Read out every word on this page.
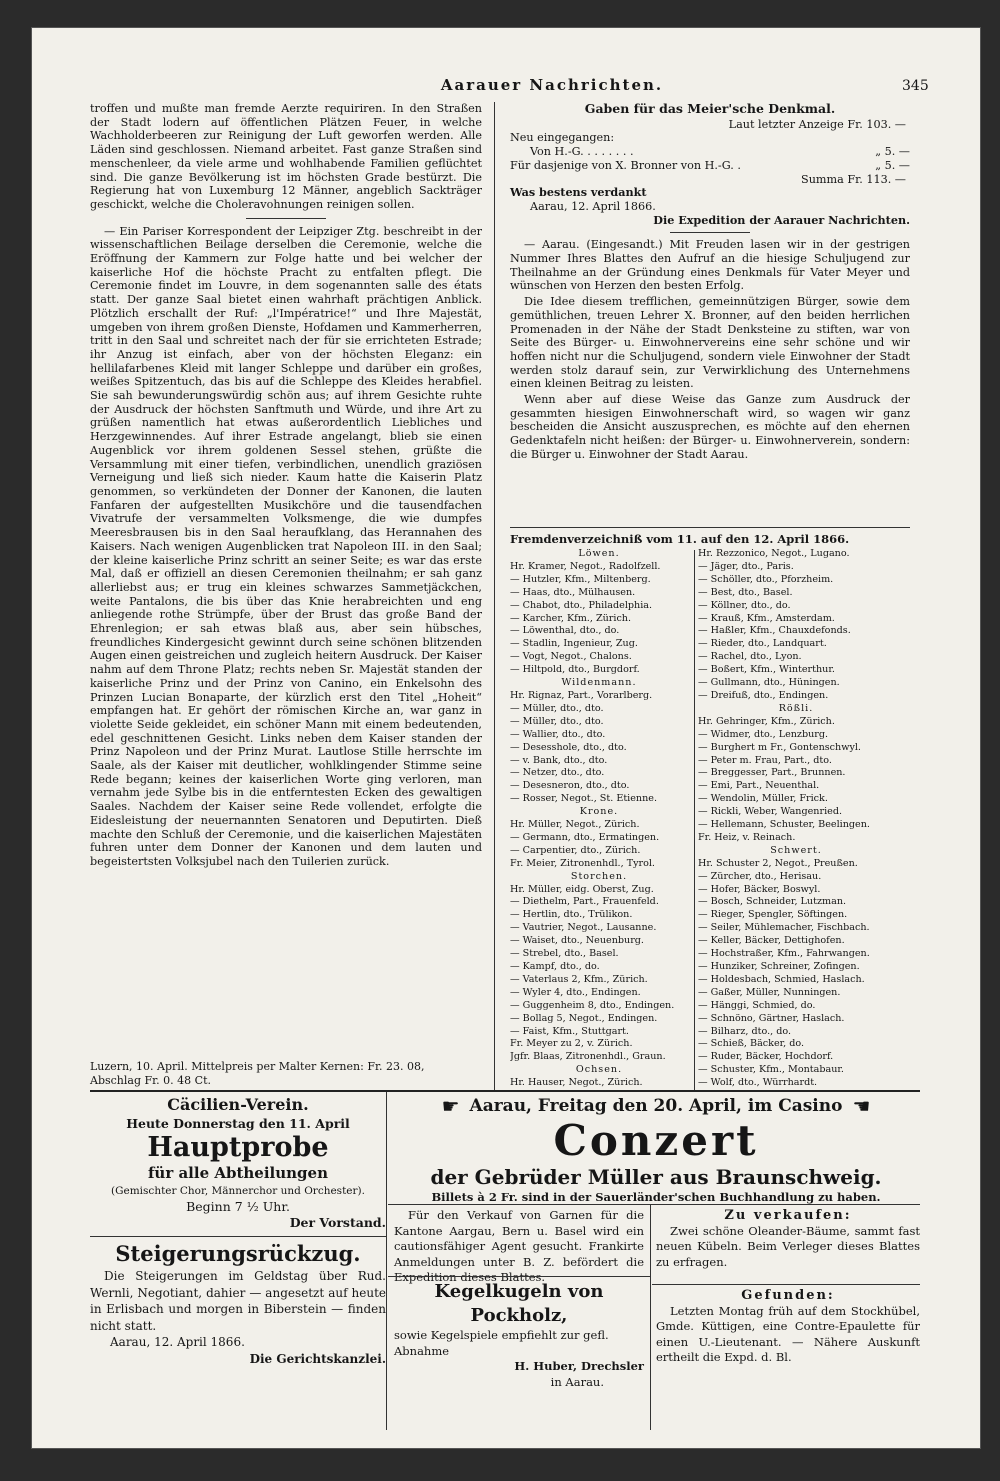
Aarauer Nachrichten.	345

troffen und mußte man fremde Aerzte requiriren. In den Straßen der Stadt lodern auf öffentlichen Plätzen Feuer, in welche Wachholderbeeren zur Reinigung der Luft geworfen werden. Alle Läden sind geschlossen. Niemand arbeitet. Fast ganze Straßen sind menschenleer, da viele arme und wohlhabende Familien geflüchtet sind. Die ganze Bevölkerung ist im höchsten Grade bestürzt. Die Regierung hat von Luxemburg 12 Männer, angeblich Sackträger geschickt, welche die Choleravohnungen reinigen sollen.

— Ein Pariser Korrespondent der Leipziger Ztg. beschreibt in der wissenschaftlichen Beilage derselben die Ceremonie, welche die Eröffnung der Kammern zur Folge hatte und bei welcher der kaiserliche Hof die höchste Pracht zu entfalten pflegt. Die Ceremonie findet im Louvre, in dem sogenannten salle des états statt. Der ganze Saal bietet einen wahrhaft prächtigen Anblick. Plötzlich erschallt der Ruf: „l'Impératrice!“ und Ihre Majestät, umgeben von ihrem großen Dienste, Hofdamen und Kammerherren, tritt in den Saal und schreitet nach der für sie errichteten Estrade; ihr Anzug ist einfach, aber von der höchsten Eleganz: ein hellilafarbenes Kleid mit langer Schleppe und darüber ein großes, weißes Spitzentuch, das bis auf die Schleppe des Kleides herabfiel. Sie sah bewunderungswürdig schön aus; auf ihrem Gesichte ruhte der Ausdruck der höchsten Sanftmuth und Würde, und ihre Art zu grüßen namentlich hat etwas außerordentlich Liebliches und Herzgewinnendes. Auf ihrer Estrade angelangt, blieb sie einen Augenblick vor ihrem goldenen Sessel stehen, grüßte die Versammlung mit einer tiefen, verbindlichen, unendlich graziösen Verneigung und ließ sich nieder. Kaum hatte die Kaiserin Platz genommen, so verkündeten der Donner der Kanonen, die lauten Fanfaren der aufgestellten Musikchöre und die tausendfachen Vivatrufe der versammelten Volksmenge, die wie dumpfes Meeresbrausen bis in den Saal heraufklang, das Herannahen des Kaisers. Nach wenigen Augenblicken trat Napoleon III. in den Saal; der kleine kaiserliche Prinz schritt an seiner Seite; es war das erste Mal, daß er offiziell an diesen Ceremonien theilnahm; er sah ganz allerliebst aus; er trug ein kleines schwarzes Sammetjäckchen, weite Pantalons, die bis über das Knie herabreichten und eng anliegende rothe Strümpfe, über der Brust das große Band der Ehrenlegion; er sah etwas blaß aus, aber sein hübsches, freundliches Kindergesicht gewinnt durch seine schönen blitzenden Augen einen geistreichen und zugleich heitern Ausdruck. Der Kaiser nahm auf dem Throne Platz; rechts neben Sr. Majestät standen der kaiserliche Prinz und der Prinz von Canino, ein Enkelsohn des Prinzen Lucian Bonaparte, der kürzlich erst den Titel „Hoheit“ empfangen hat. Er gehört der römischen Kirche an, war ganz in violette Seide gekleidet, ein schöner Mann mit einem bedeutenden, edel geschnittenen Gesicht. Links neben dem Kaiser standen der Prinz Napoleon und der Prinz Murat. Lautlose Stille herrschte im Saale, als der Kaiser mit deutlicher, wohlklingender Stimme seine Rede begann; keines der kaiserlichen Worte ging verloren, man vernahm jede Sylbe bis in die entferntesten Ecken des gewaltigen Saales. Nachdem der Kaiser seine Rede vollendet, erfolgte die Eidesleistung der neuernannten Senatoren und Deputirten. Dieß machte den Schluß der Ceremonie, und die kaiserlichen Majestäten fuhren unter dem Donner der Kanonen und dem lauten und begeistertsten Volksjubel nach den Tuilerien zurück.

Luzern, 10. April. Mittelpreis per Malter Kernen: Fr. 23. 08,
Abschlag Fr. 0. 48 Ct.
Gaben für das Meier'sche Denkmal.
Laut letzter Anzeige Fr. 103. —
Neu eingegangen:
Von H.-G. . . . . . . .	„ 5. —
Für dasjenige von X. Bronner von H.-G. .	„ 5. —
Summa Fr. 113. —
Was bestens verdankt
Aarau, 12. April 1866.
Die Expedition der Aarauer Nachrichten.

— Aarau. (Eingesandt.) Mit Freuden lasen wir in der gestrigen Nummer Ihres Blattes den Aufruf an die hiesige Schuljugend zur Theilnahme an der Gründung eines Denkmals für Vater Meyer und wünschen von Herzen den besten Erfolg.

Die Idee diesem trefflichen, gemeinnützigen Bürger, sowie dem gemüthlichen, treuen Lehrer X. Bronner, auf den beiden herrlichen Promenaden in der Nähe der Stadt Denksteine zu stiften, war von Seite des Bürger- u. Einwohnervereins eine sehr schöne und wir hoffen nicht nur die Schuljugend, sondern viele Einwohner der Stadt werden stolz darauf sein, zur Verwirklichung des Unternehmens einen kleinen Beitrag zu leisten.

Wenn aber auf diese Weise das Ganze zum Ausdruck der gesammten hiesigen Einwohnerschaft wird, so wagen wir ganz bescheiden die Ansicht auszusprechen, es möchte auf den ehernen Gedenktafeln nicht heißen: der Bürger- u. Einwohnerverein, sondern: die Bürger u. Einwohner der Stadt Aarau.

Fremdenverzeichniß vom 11. auf den 12. April 1866.
Löwen.	Hr. Rezzonico, Negot., Lugano.
Hr. Kramer, Negot., Radolfzell.	— Jäger, dto., Paris.
— Hutzler, Kfm., Miltenberg.	— Schöller, dto., Pforzheim.
— Haas, dto., Mülhausen.	— Best, dto., Basel.
— Chabot, dto., Philadelphia.	— Köllner, dto., do.
— Karcher, Kfm., Zürich.	— Krauß, Kfm., Amsterdam.
— Löwenthal, dto., do.	— Haßler, Kfm., Chauxdefonds.
— Stadlin, Ingenieur, Zug.	— Rieder, dto., Landquart.
— Vogt, Negot., Chalons.	— Rachel, dto., Lyon.
— Hiltpold, dto., Burgdorf.	— Boßert, Kfm., Winterthur.
Wildenmann.	— Gullmann, dto., Hüningen.
Hr. Rignaz, Part., Vorarlberg.	— Dreifuß, dto., Endingen.
— Müller, dto., dto.	Rößli.
— Müller, dto., dto.	Hr. Gehringer, Kfm., Zürich.
— Wallier, dto., dto.	— Widmer, dto., Lenzburg.
— Desesshole, dto., dto.	— Burghert m Fr., Gontenschwyl.
— v. Bank, dto., dto.	— Peter m. Frau, Part., dto.
— Netzer, dto., dto.	— Breggesser, Part., Brunnen.
— Desesneron, dto., dto.	— Emi, Part., Neuenthal.
— Rosser, Negot., St. Etienne.	— Wendolin, Müller, Frick.
Krone.	— Rickli, Weber, Wangenried.
Hr. Müller, Negot., Zürich.	— Hellemann, Schuster, Beelingen.
— Germann, dto., Ermatingen.	Fr. Heiz, v. Reinach.
— Carpentier, dto., Zürich.	Schwert.
Fr. Meier, Zitronenhdl., Tyrol.	Hr. Schuster 2, Negot., Preußen.
Storchen.	— Zürcher, dto., Herisau.
Hr. Müller, eidg. Oberst, Zug.	— Hofer, Bäcker, Boswyl.
— Diethelm, Part., Frauenfeld.	— Bosch, Schneider, Lutzman.
— Hertlin, dto., Trülikon.	— Rieger, Spengler, Söftingen.
— Vautrier, Negot., Lausanne.	— Seiler, Mühlemacher, Fischbach.
— Waiset, dto., Neuenburg.	— Keller, Bäcker, Dettighofen.
— Strebel, dto., Basel.	— Hochstraßer, Kfm., Fahrwangen.
— Kampf, dto., do.	— Hunziker, Schreiner, Zofingen.
— Vaterlaus 2, Kfm., Zürich.	— Holdesbach, Schmied, Haslach.
— Wyler 4, dto., Endingen.	— Gaßer, Müller, Nunningen.
— Guggenheim 8, dto., Endingen.	— Hänggi, Schmied, do.
— Bollag 5, Negot., Endingen.	— Schnöno, Gärtner, Haslach.
— Faist, Kfm., Stuttgart.	— Bilharz, dto., do.
Fr. Meyer zu 2, v. Zürich.	— Schieß, Bäcker, do.
Jgfr. Blaas, Zitronenhdl., Graun.	— Ruder, Bäcker, Hochdorf.
Ochsen.	— Schuster, Kfm., Montabaur.
Hr. Hauser, Negot., Zürich.	— Wolf, dto., Würrhardt.
Cäcilien-Verein.
Heute Donnerstag den 11. April
Hauptprobe
für alle Abtheilungen
(Gemischter Chor, Männerchor und Orchester).
Beginn 7 ½ Uhr.
Der Vorstand.
Steigerungsrückzug.
Die Steigerungen im Geldstag über Rud. Wernli, Negotiant, dahier — angesetzt auf heute in Erlisbach und morgen in Biberstein — finden nicht statt.
Aarau, 12. April 1866.
Die Gerichtskanzlei.
☛ Aarau, Freitag den 20. April, im Casino ☚
Conzert
der Gebrüder Müller aus Braunschweig.
Billets à 2 Fr. sind in der Sauerländer'schen Buchhandlung zu haben.
Für den Verkauf von Garnen für die Kantone Aargau, Bern u. Basel wird ein cautionsfähiger Agent gesucht. Frankirte Anmeldungen unter B. Z. befördert die Expedition dieses Blattes.
Kegelkugeln von Pockholz,
sowie Kegelspiele empfiehlt zur gefl. Abnahme
H. Huber, Drechsler
in Aarau.
Zu verkaufen:
Zwei schöne Oleander-Bäume, sammt fast neuen Kübeln. Beim Verleger dieses Blattes zu erfragen.
Gefunden:
Letzten Montag früh auf dem Stockhübel, Gmde. Küttigen, eine Contre-Epaulette für einen U.-Lieutenant. — Nähere Auskunft ertheilt die Expd. d. Bl.
